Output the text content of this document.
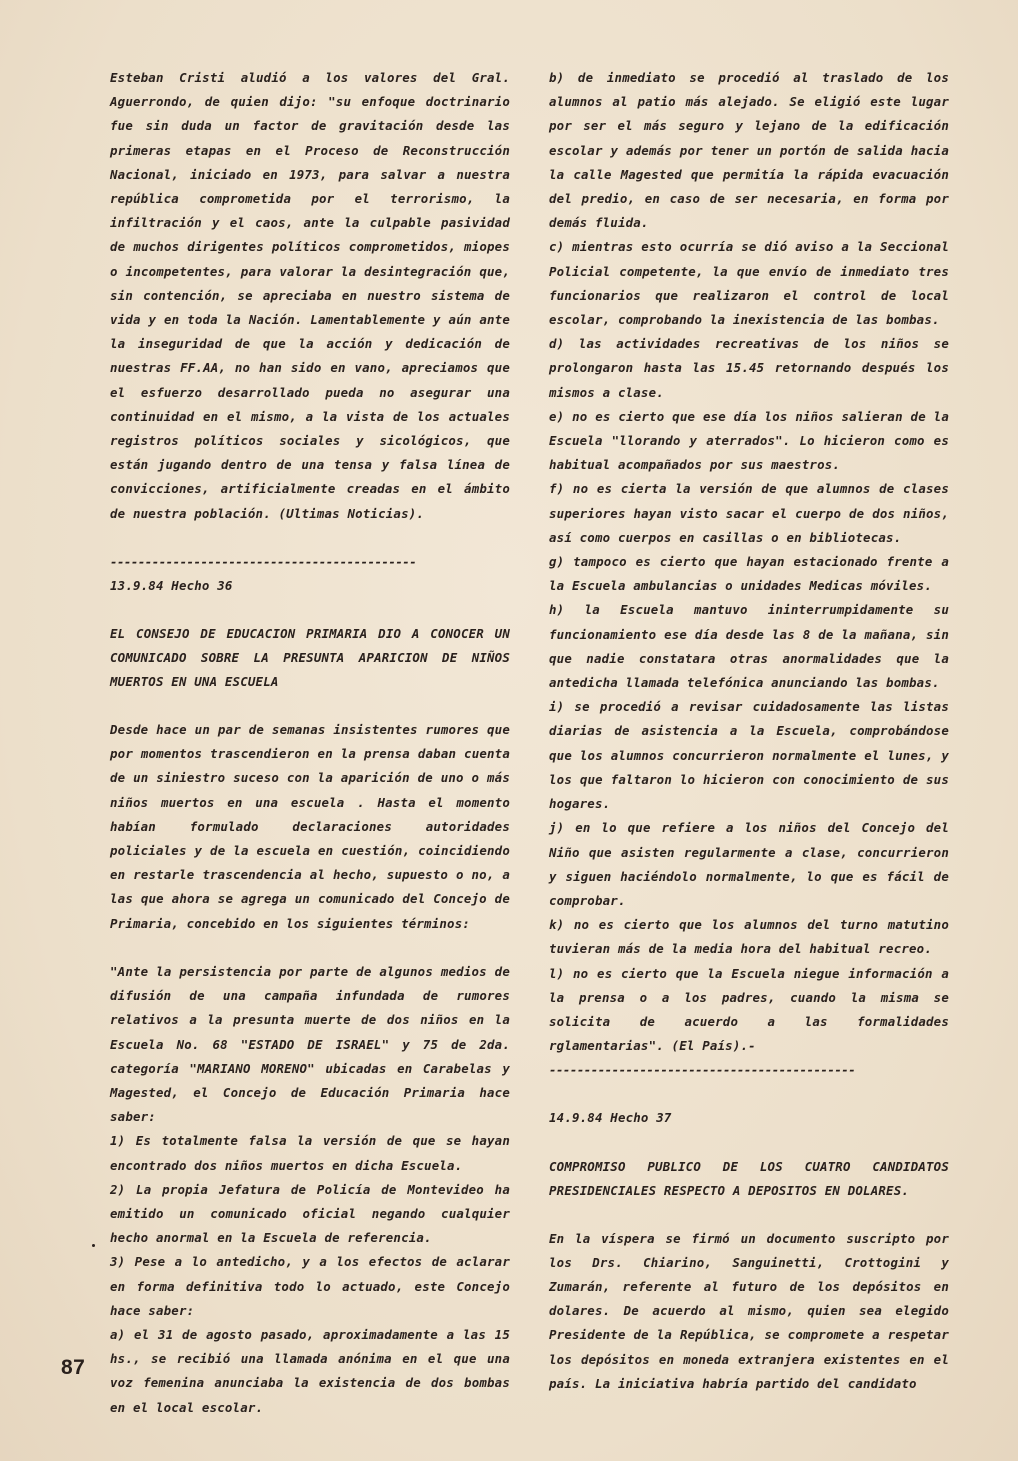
Esteban Cristi aludió a los valores del Gral. Aguerrondo, de quien dijo: "su enfoque doctrinario fue sin duda un factor de gravitación desde las primeras etapas en el Proceso de Reconstrucción Nacional, iniciado en 1973, para salvar a nuestra república comprometida por el terrorismo, la infiltración y el caos, ante la culpable pasividad de muchos dirigentes políticos comprometidos, miopes o incompetentes, para valorar la desintegración que, sin contención, se apreciaba en nuestro sistema de vida y en toda la Nación. Lamentablemente y aún ante la inseguridad de que la acción y dedicación de nuestras FF.AA, no han sido en vano, apreciamos que el esfuerzo desarrollado pueda no asegurar una continuidad en el mismo, a la vista de los actuales registros políticos sociales y sicológicos, que están jugando dentro de una tensa y falsa línea de convicciones, artificialmente creadas en el ámbito de nuestra población. (Ultimas Noticias).

--------------------------------------------

13.9.84 Hecho 36

EL CONSEJO DE EDUCACION PRIMARIA DIO A CONOCER UN COMUNICADO SOBRE LA PRESUNTA APARICION DE NIÑOS MUERTOS EN UNA ESCUELA

Desde hace un par de semanas insistentes rumores que por momentos trascendieron en la prensa daban cuenta de un siniestro suceso con la aparición de uno o más niños muertos en una escuela . Hasta el momento habían formulado declaraciones autoridades policiales y de la escuela en cuestión, coincidiendo en restarle trascendencia al hecho, supuesto o no, a las que ahora se agrega un comunicado del Concejo de Primaria, concebido en los siguientes términos:

"Ante la persistencia por parte de algunos medios de difusión de una campaña infundada de rumores relativos a la presunta muerte de dos niños en la Escuela No. 68 "ESTADO DE ISRAEL" y 75 de 2da. categoría "MARIANO MORENO" ubicadas en Carabelas y Magested, el Concejo de Educación Primaria hace saber:

1) Es totalmente falsa la versión de que se hayan encontrado dos niños muertos en dicha Escuela.

2) La propia Jefatura de Policía de Montevideo ha emitido un comunicado oficial negando cualquier hecho anormal en la Escuela de referencia.

3) Pese a lo antedicho, y a los efectos de aclarar en forma definitiva todo lo actuado, este Concejo hace saber:

a) el 31 de agosto pasado, aproximadamente a las 15 hs., se recibió una llamada anónima en el que una voz femenina anunciaba la existencia de dos bombas en el local escolar.

b) de inmediato se procedió al traslado de los alumnos al patio más alejado. Se eligió este lugar por ser el más seguro y lejano de la edificación escolar y además por tener un portón de salida hacia la calle Magested que permitía la rápida evacuación del predio, en caso de ser necesaria, en forma por demás fluida.

c) mientras esto ocurría se dió aviso a la Seccional Policial competente, la que envío de inmediato tres funcionarios que realizaron el control de local escolar, comprobando la inexistencia de las bombas.

d) las actividades recreativas de los niños se prolongaron hasta las 15.45 retornando después los mismos a clase.

e) no es cierto que ese día los niños salieran de la Escuela "llorando y aterrados". Lo hicieron como es habitual acompañados por sus maestros.

f) no es cierta la versión de que alumnos de clases superiores hayan visto sacar el cuerpo de dos niños, así como cuerpos en casillas o en bibliotecas.

g) tampoco es cierto que hayan estacionado frente a la Escuela ambulancias o unidades Medicas móviles.

h) la Escuela mantuvo ininterrumpidamente su funcionamiento ese día desde las 8 de la mañana, sin que nadie constatara otras anormalidades que la antedicha llamada telefónica anunciando las bombas.

i) se procedió a revisar cuidadosamente las listas diarias de asistencia a la Escuela, comprobándose que los alumnos concurrieron normalmente el lunes, y los que faltaron lo hicieron con conocimiento de sus hogares.

j) en lo que refiere a los niños del Concejo del Niño que asisten regularmente a clase, concurrieron y siguen haciéndolo normalmente, lo que es fácil de comprobar.

k) no es cierto que los alumnos del turno matutino tuvieran más de la media hora del habitual recreo.

l) no es cierto que la Escuela niegue información a la prensa o a los padres, cuando la misma se solicita de acuerdo a las formalidades rglamentarias". (El País).-

--------------------------------------------

14.9.84 Hecho 37

COMPROMISO PUBLICO DE LOS CUATRO CANDIDATOS PRESIDENCIALES RESPECTO A DEPOSITOS EN DOLARES.

En la víspera se firmó un documento suscripto por los Drs. Chiarino, Sanguinetti, Crottogini y Zumarán, referente al futuro de los depósitos en dolares. De acuerdo al mismo, quien sea elegido Presidente de la República, se compromete a respetar los depósitos en moneda extranjera existentes en el país. La iniciativa habría partido del candidato

87
